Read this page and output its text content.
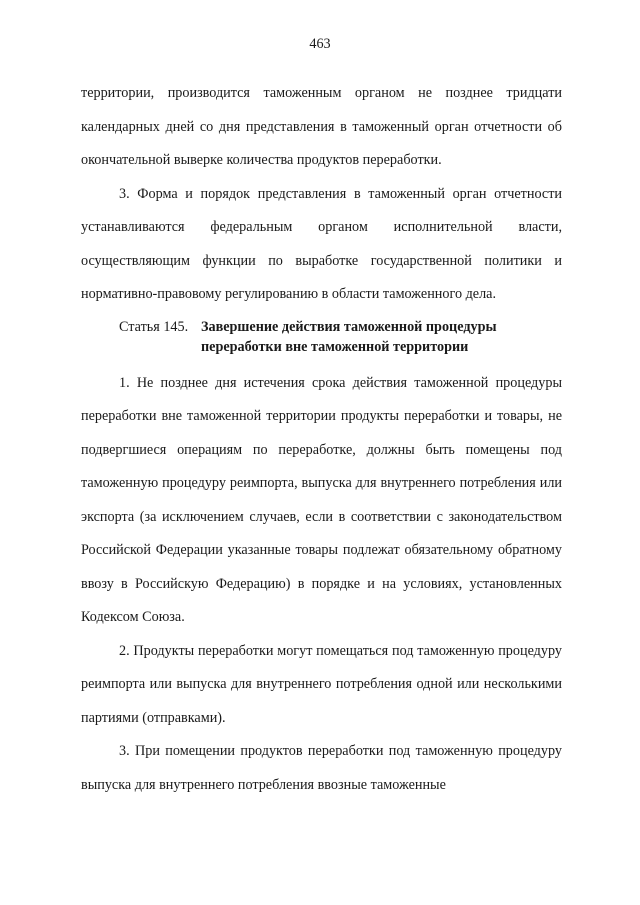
463

территории, производится таможенным органом не позднее тридцати календарных дней со дня представления в таможенный орган отчетности об окончательной выверке количества продуктов переработки.

3. Форма и порядок представления в таможенный орган отчетности устанавливаются федеральным органом исполнительной власти, осуществляющим функции по выработке государственной политики и нормативно-правовому регулированию в области таможенного дела.

Статья 145. Завершение действия таможенной процедуры
переработки вне таможенной территории

1. Не позднее дня истечения срока действия таможенной процедуры переработки вне таможенной территории продукты переработки и товары, не подвергшиеся операциям по переработке, должны быть помещены под таможенную процедуру реимпорта, выпуска для внутреннего потребления или экспорта (за исключением случаев, если в соответствии с законодательством Российской Федерации указанные товары подлежат обязательному обратному ввозу в Российскую Федерацию) в порядке и на условиях, установленных Кодексом Союза.

2. Продукты переработки могут помещаться под таможенную процедуру реимпорта или выпуска для внутреннего потребления одной или несколькими партиями (отправками).

3. При помещении продуктов переработки под таможенную процедуру выпуска для внутреннего потребления ввозные таможенные
